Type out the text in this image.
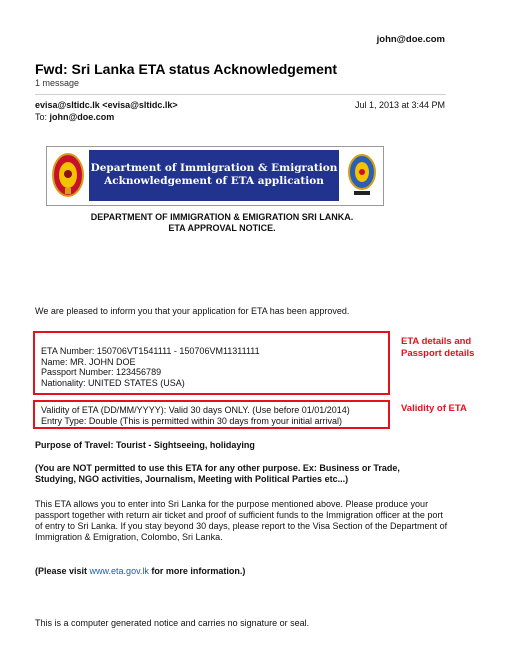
john@doe.com
Fwd: Sri Lanka ETA status Acknowledgement
1 message
evisa@sltidc.lk <evisa@sltidc.lk>	Jul 1, 2013 at 3:44 PM
To: john@doe.com
Department of Immigration & Emigration
Acknowledgement of ETA application
DEPARTMENT OF IMMIGRATION & EMIGRATION SRI LANKA.
ETA APPROVAL NOTICE.
We are pleased to inform you that your application for ETA has been approved.
ETA Number: 150706VT1541111 - 150706VM11311111
Name: MR. JOHN DOE
Passport Number: 123456789
Nationality: UNITED STATES (USA)
ETA details and Passport details
Validity of ETA (DD/MM/YYYY): Valid 30 days ONLY. (Use before 01/01/2014)
Entry Type: Double (This is permitted within 30 days from your initial arrival)
Validity of ETA
Purpose of Travel: Tourist - Sightseeing, holidaying
(You are NOT permitted to use this ETA for any other purpose. Ex: Business or Trade, Studying, NGO activities, Journalism, Meeting with Political Parties etc...)
This ETA allows you to enter into Sri Lanka for the purpose mentioned above. Please produce your passport together with return air ticket and proof of sufficient funds to the Immigration officer at the port of entry to Sri Lanka. If you stay beyond 30 days, please report to the Visa Section of the Department of Immigration & Emigration, Colombo, Sri Lanka.
(Please visit www.eta.gov.lk for more information.)
This is a computer generated notice and carries no signature or seal.
